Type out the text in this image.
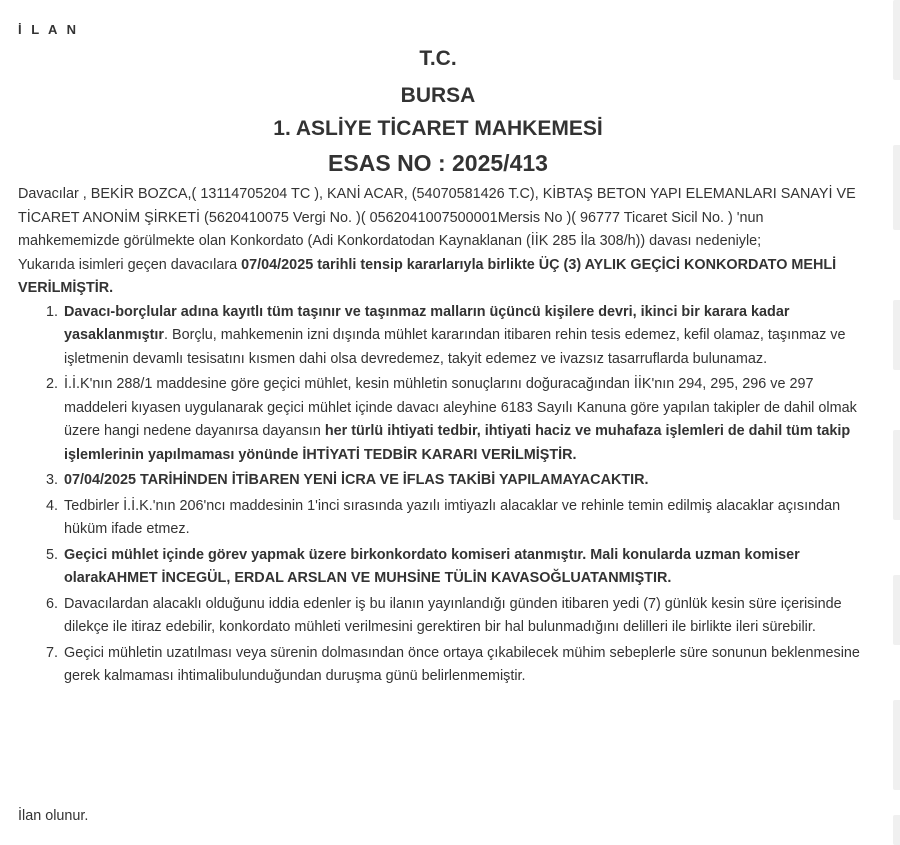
İ L A N
T.C.
BURSA
1. ASLİYE TİCARET MAHKEMESİ
ESAS NO : 2025/413

Davacılar , BEKİR BOZCA,( 13114705204 TC ), KANİ ACAR, (54070581426 T.C), KİBTAŞ BETON YAPI ELEMANLARI SANAYİ VE TİCARET ANONİM ŞİRKETİ (5620410075 Vergi No. )( 0562041007500001Mersis No )( 96777 Ticaret Sicil No. ) 'nun mahkememizde görülmekte olan Konkordato (Adi Konkordatodan Kaynaklanan (İİK 285 İla 308/h)) davası nedeniyle;

Yukarıda isimleri geçen davacılara 07/04/2025 tarihli tensip kararlarıyla birlikte ÜÇ (3) AYLIK GEÇİCİ KONKORDATO MEHLİ VERİLMİŞTİR.

1. Davacı-borçlular adına kayıtlı tüm taşınır ve taşınmaz malların üçüncü kişilere devri, ikinci bir karara kadar yasaklanmıştır. Borçlu, mahkemenin izni dışında mühlet kararından itibaren rehin tesis edemez, kefil olamaz, taşınmaz ve işletmenin devamlı tesisatını kısmen dahi olsa devredemez, takyit edemez ve ivazsız tasarruflarda bulunamaz.
2. İ.İ.K'nın 288/1 maddesine göre geçici mühlet, kesin mühletin sonuçlarını doğuracağından İİK'nın 294, 295, 296 ve 297 maddeleri kıyasen uygulanarak geçici mühlet içinde davacı aleyhine 6183 Sayılı Kanuna göre yapılan takipler de dahil olmak üzere hangi nedene dayanırsa dayansın her türlü ihtiyati tedbir, ihtiyati haciz ve muhafaza işlemleri de dahil tüm takip işlemlerinin yapılmaması yönünde İHTİYATİ TEDBİR KARARI VERİLMİŞTİR.
3. 07/04/2025 TARİHİNDEN İTİBAREN YENİ İCRA VE İFLAS TAKİBİ YAPILAMAYACAKTIR.
4. Tedbirler İ.İ.K.'nın 206'ncı maddesinin 1'inci sırasında yazılı imtiyazlı alacaklar ve rehinle temin edilmiş alacaklar açısından hüküm ifade etmez.
5. Geçici mühlet içinde görev yapmak üzere birkonkordato komiseri atanmıştır. Mali konularda uzman komiser olarakAHMET İNCEGÜL, ERDAL ARSLAN VE MUHSİNE TÜLİN KAVASOĞLUATANMIŞTIR.
6. Davacılardan alacaklı olduğunu iddia edenler iş bu ilanın yayınlandığı günden itibaren yedi (7) günlük kesin süre içerisinde dilekçe ile itiraz edebilir, konkordato mühleti verilmesini gerektiren bir hal bulunmadığını delilleri ile birlikte ileri sürebilir.
7. Geçici mühletin uzatılması veya sürenin dolmasından önce ortaya çıkabilecek mühim sebeplerle süre sonunun beklenmesine gerek kalmaması ihtimalibulunduğundan duruşma günü belirlenmemiştir.
İlan olunur.
